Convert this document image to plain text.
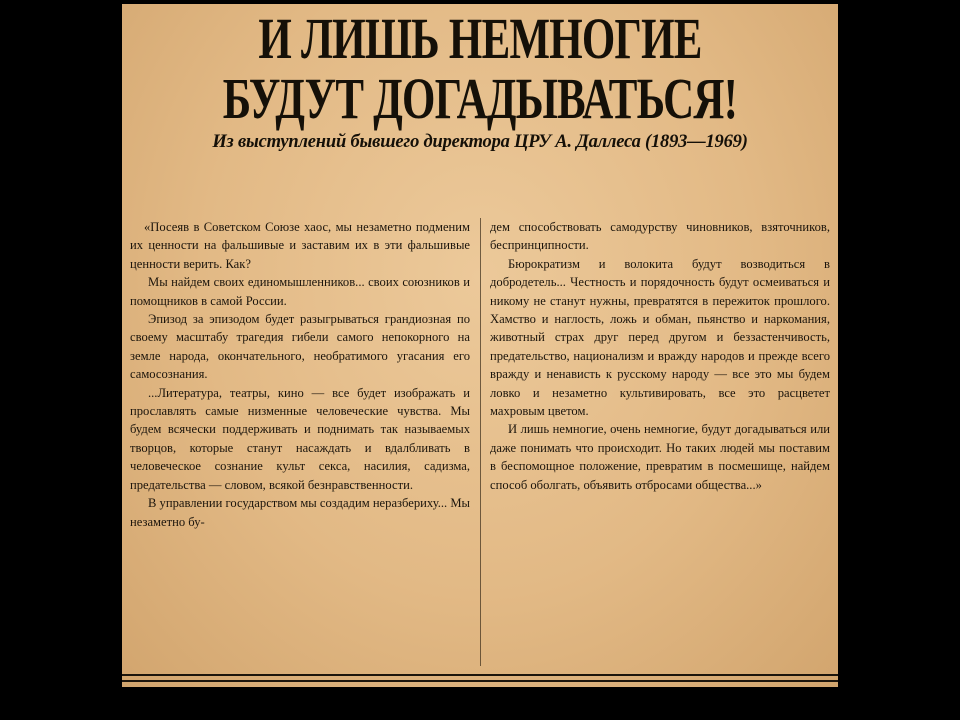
И ЛИШЬ НЕМНОГИЕ
БУДУТ ДОГАДЫВАТЬСЯ!
Из выступлений бывшего директора ЦРУ А. Даллеса (1893—1969)

«Посеяв в Советском Союзе хаос, мы незаметно подменим их ценности на фальшивые и заставим их в эти фальшивые ценности верить. Как?

Мы найдем своих единомышленников... своих союзников и помощников в самой России.

Эпизод за эпизодом будет разыгрываться грандиозная по своему масштабу трагедия гибели самого непокорного на земле народа, окончательного, необратимого угасания его самосознания.

...Литература, театры, кино — все будет изображать и прославлять самые низменные человеческие чувства. Мы будем всячески поддерживать и поднимать так называемых творцов, которые станут насаждать и вдалбливать в человеческое сознание культ секса, насилия, садизма, предательства — словом, всякой безнравственности.

В управлении государством мы создадим неразбериху... Мы незаметно бу-

дем способствовать самодурству чиновников, взяточников, беспринципности.

Бюрократизм и волокита будут возводиться в добродетель... Честность и порядочность будут осмеиваться и никому не станут нужны, превратятся в пережиток прошлого. Хамство и наглость, ложь и обман, пьянство и наркомания, животный страх друг перед другом и беззастенчивость, предательство, национализм и вражду народов и прежде всего вражду и ненависть к русскому народу — все это мы будем ловко и незаметно культивировать, все это расцветет махровым цветом.

И лишь немногие, очень немногие, будут догадываться или даже понимать что происходит. Но таких людей мы поставим в беспомощное положение, превратим в посмешище, найдем способ оболгать, объявить отбросами общества...»
